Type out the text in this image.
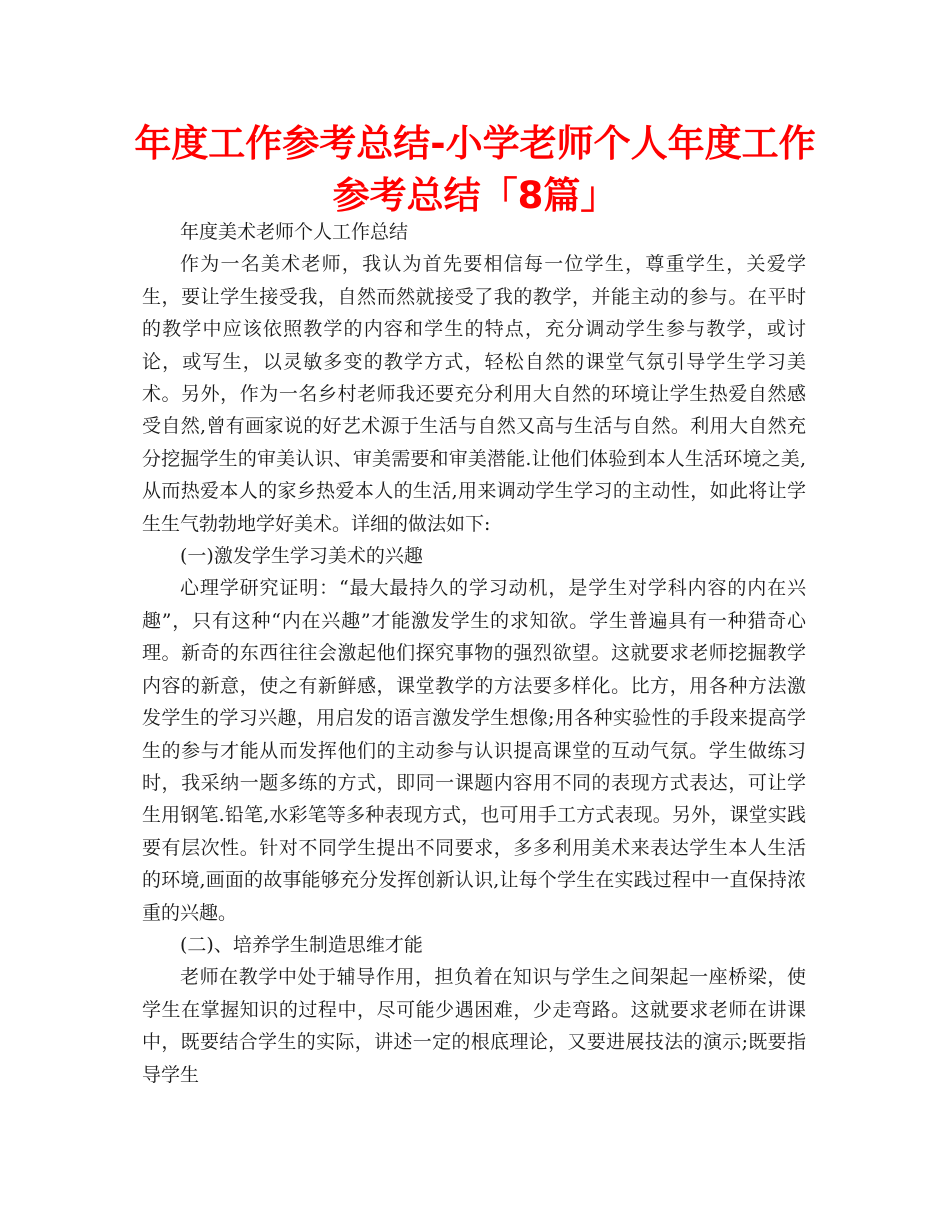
年度工作参考总结-小学老师个人年度工作参考总结「8篇」

年度美术老师个人工作总结

作为一名美术老师，我认为首先要相信每一位学生，尊重学生，关爱学生，要让学生接受我，自然而然就接受了我的教学，并能主动的参与。在平时的教学中应该依照教学的内容和学生的特点，充分调动学生参与教学，或讨论，或写生，以灵敏多变的教学方式，轻松自然的课堂气氛引导学生学习美术。另外，作为一名乡村老师我还要充分利用大自然的环境让学生热爱自然感受自然,曾有画家说的好艺术源于生活与自然又高与生活与自然。利用大自然充分挖掘学生的审美认识、审美需要和审美潜能.让他们体验到本人生活环境之美,从而热爱本人的家乡热爱本人的生活,用来调动学生学习的主动性，如此将让学生生气勃勃地学好美术。详细的做法如下:

(一)激发学生学习美术的兴趣

心理学研究证明：“最大最持久的学习动机，是学生对学科内容的内在兴趣”，只有这种“内在兴趣”才能激发学生的求知欲。学生普遍具有一种猎奇心理。新奇的东西往往会激起他们探究事物的强烈欲望。这就要求老师挖掘教学内容的新意，使之有新鲜感，课堂教学的方法要多样化。比方，用各种方法激发学生的学习兴趣，用启发的语言激发学生想像;用各种实验性的手段来提高学生的参与才能从而发挥他们的主动参与认识提高课堂的互动气氛。学生做练习时，我采纳一题多练的方式，即同一课题内容用不同的表现方式表达，可让学生用钢笔.铅笔,水彩笔等多种表现方式，也可用手工方式表现。另外，课堂实践要有层次性。针对不同学生提出不同要求，多多利用美术来表达学生本人生活的环境,画面的故事能够充分发挥创新认识,让每个学生在实践过程中一直保持浓重的兴趣。

(二)、培养学生制造思维才能

老师在教学中处于辅导作用，担负着在知识与学生之间架起一座桥梁，使学生在掌握知识的过程中，尽可能少遇困难，少走弯路。这就要求老师在讲课中，既要结合学生的实际，讲述一定的根底理论，又要进展技法的演示;既要指导学生
